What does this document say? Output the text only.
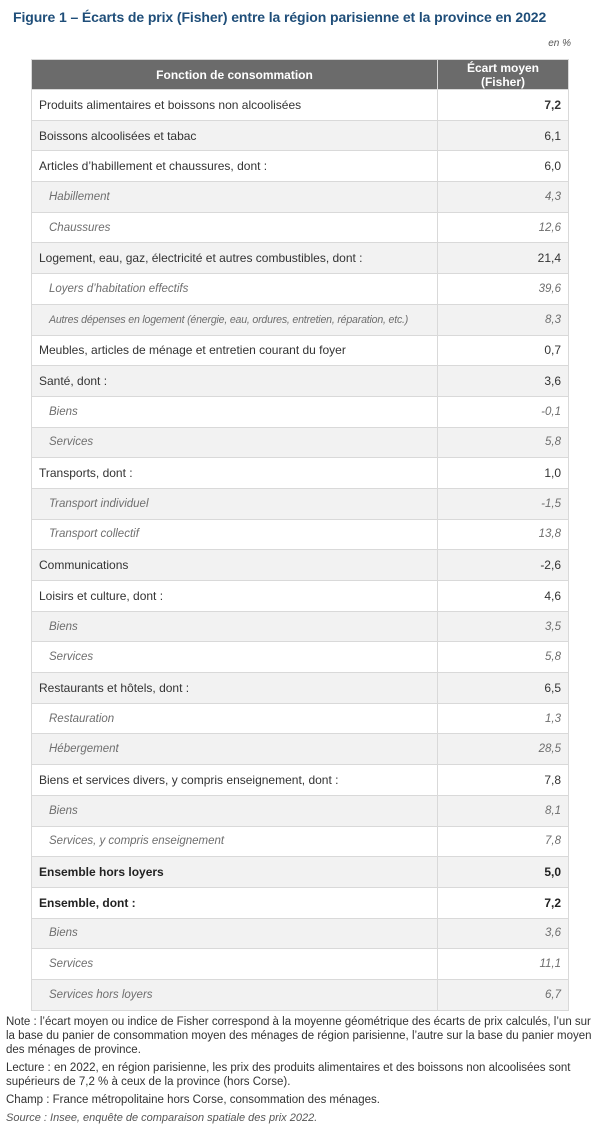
Figure 1 – Écarts de prix (Fisher) entre la région parisienne et la province en 2022
en %
Fonction de consommation	Écart moyen (Fisher)
Produits alimentaires et boissons non alcoolisées	7,2
Boissons alcoolisées et tabac	6,1
Articles d’habillement et chaussures, dont :	6,0
Habillement	4,3
Chaussures	12,6
Logement, eau, gaz, électricité et autres combustibles, dont :	21,4
Loyers d’habitation effectifs	39,6
Autres dépenses en logement (énergie, eau, ordures, entretien, réparation, etc.)	8,3
Meubles, articles de ménage et entretien courant du foyer	0,7
Santé, dont :	3,6
Biens	-0,1
Services	5,8
Transports, dont :	1,0
Transport individuel	-1,5
Transport collectif	13,8
Communications	-2,6
Loisirs et culture, dont :	4,6
Biens	3,5
Services	5,8
Restaurants et hôtels, dont :	6,5
Restauration	1,3
Hébergement	28,5
Biens et services divers, y compris enseignement, dont :	7,8
Biens	8,1
Services, y compris enseignement	7,8
Ensemble hors loyers	5,0
Ensemble, dont :	7,2
Biens	3,6
Services	11,1
Services hors loyers	6,7

Note : l’écart moyen ou indice de Fisher correspond à la moyenne géométrique des écarts de prix calculés, l’un sur la base du panier de consommation moyen des ménages de région parisienne, l’autre sur la base du panier moyen des ménages de province.

Lecture : en 2022, en région parisienne, les prix des produits alimentaires et des boissons non alcoolisées sont supérieurs de 7,2 % à ceux de la province (hors Corse).

Champ : France métropolitaine hors Corse, consommation des ménages.

Source : Insee, enquête de comparaison spatiale des prix 2022.
